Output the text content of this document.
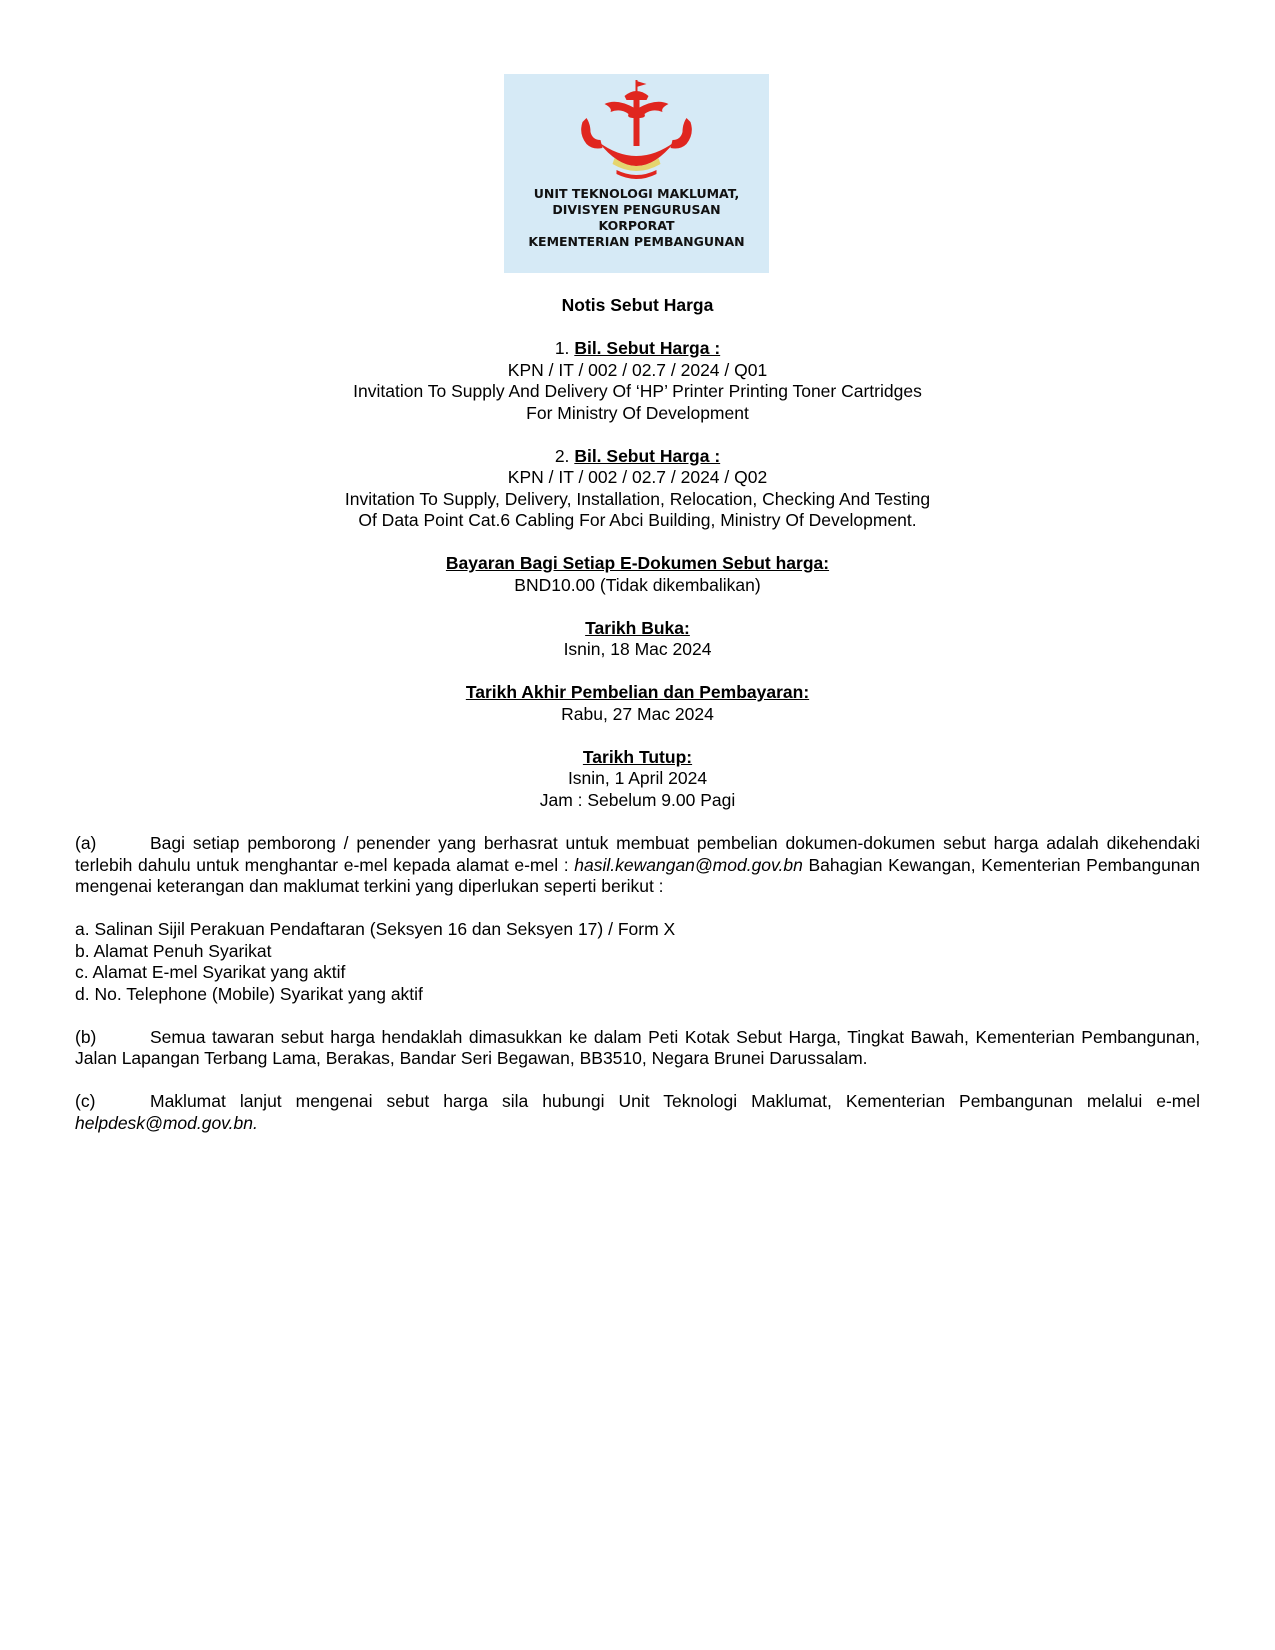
UNIT TEKNOLOGI MAKLUMAT,
DIVISYEN PENGURUSAN
KORPORAT
KEMENTERIAN PEMBANGUNAN
Notis Sebut Harga
1. Bil. Sebut Harga :
KPN / IT / 002 / 02.7 / 2024 / Q01
Invitation To Supply And Delivery Of ‘HP’ Printer Printing Toner Cartridges
For Ministry Of Development
2. Bil. Sebut Harga :
KPN / IT / 002 / 02.7 / 2024 / Q02
Invitation To Supply, Delivery, Installation, Relocation, Checking And Testing
Of Data Point Cat.6 Cabling For Abci Building, Ministry Of Development.
Bayaran Bagi Setiap E-Dokumen Sebut harga:
BND10.00 (Tidak dikembalikan)
Tarikh Buka:
Isnin, 18 Mac 2024
Tarikh Akhir Pembelian dan Pembayaran:
Rabu, 27 Mac 2024
Tarikh Tutup:
Isnin, 1 April 2024
Jam : Sebelum 9.00 Pagi
(a)	Bagi setiap pemborong / penender yang berhasrat untuk membuat pembelian dokumen-dokumen sebut harga adalah dikehendaki terlebih dahulu untuk menghantar e-mel kepada alamat e-mel : hasil.kewangan@mod.gov.bn Bahagian Kewangan, Kementerian Pembangunan mengenai keterangan dan maklumat terkini yang diperlukan seperti berikut :
a. Salinan Sijil Perakuan Pendaftaran (Seksyen 16 dan Seksyen 17) / Form X
b. Alamat Penuh Syarikat
c. Alamat E-mel Syarikat yang aktif
d. No. Telephone (Mobile) Syarikat yang aktif
(b)	Semua tawaran sebut harga hendaklah dimasukkan ke dalam Peti Kotak Sebut Harga, Tingkat Bawah, Kementerian Pembangunan, Jalan Lapangan Terbang Lama, Berakas, Bandar Seri Begawan, BB3510, Negara Brunei Darussalam.
(c)	Maklumat lanjut mengenai sebut harga sila hubungi Unit Teknologi Maklumat, Kementerian Pembangunan melalui e-mel helpdesk@mod.gov.bn.
